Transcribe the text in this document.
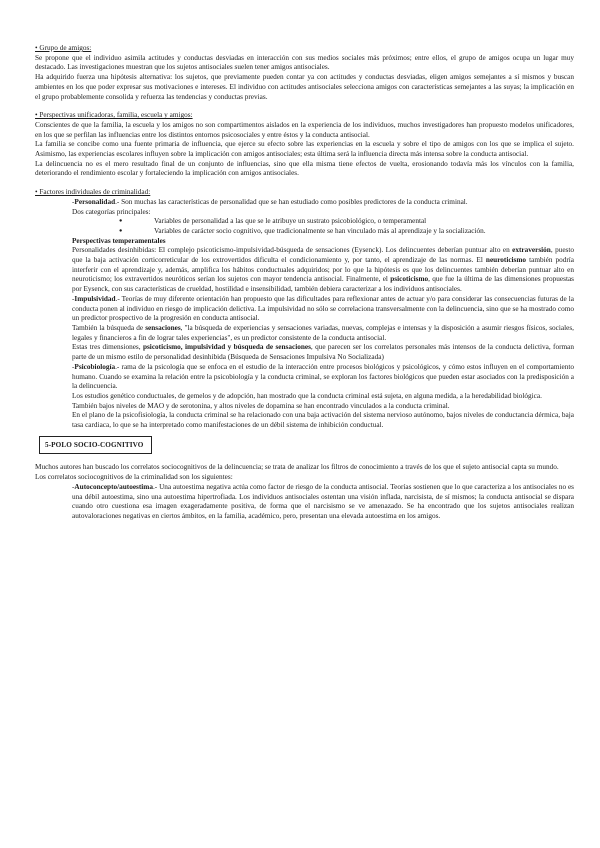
• Grupo de amigos:

Se propone que el individuo asimila actitudes y conductas desviadas en interacción con sus medios sociales más próximos; entre ellos, el grupo de amigos ocupa un lugar muy destacado. Las investigaciones muestran que los sujetos antisociales suelen tener amigos antisociales.

Ha adquirido fuerza una hipótesis alternativa: los sujetos, que previamente pueden contar ya con actitudes y conductas desviadas, eligen amigos semejantes a sí mismos y buscan ambientes en los que poder expresar sus motivaciones e intereses. El individuo con actitudes antisociales selecciona amigos con características semejantes a las suyas; la implicación en el grupo probablemente consolida y refuerza las tendencias y conductas previas.

• Perspectivas unificadoras, familia, escuela y amigos:

Conscientes de que la familia, la escuela y los amigos no son compartimentos aislados en la experiencia de los individuos, muchos investigadores han propuesto modelos unificadores, en los que se perfilan las influencias entre los distintos entornos psicosociales y entre éstos y la conducta antisocial.

La familia se concibe como una fuente primaria de influencia, que ejerce su efecto sobre las experiencias en la escuela y sobre el tipo de amigos con los que se implica el sujeto. Asimismo, las experiencias escolares influyen sobre la implicación con amigos antisociales; esta última será la influencia directa más intensa sobre la conducta antisocial.

La delincuencia no es el mero resultado final de un conjunto de influencias, sino que ella misma tiene efectos de vuelta, erosionando todavía más los vínculos con la familia, deteriorando el rendimiento escolar y fortaleciendo la implicación con amigos antisociales.

• Factores individuales de criminalidad:

-Personalidad.- Son muchas las características de personalidad que se han estudiado como posibles predictores de la conducta criminal.

Dos categorías principales:

● Variables de personalidad a las que se le atribuye un sustrato psicobiológico, o temperamental
● Variables de carácter socio cognitivo, que tradicionalmente se han vinculado más al aprendizaje y la socialización.

Perspectivas temperamentales

Personalidades desinhibidas: El complejo psicoticismo-impulsividad-búsqueda de sensaciones (Eysenck). Los delincuentes deberían puntuar alto en extraversión, puesto que la baja activación corticorreticular de los extrovertidos dificulta el condicionamiento y, por tanto, el aprendizaje de las normas. El neuroticismo también podría interferir con el aprendizaje y, además, amplifica los hábitos conductuales adquiridos; por lo que la hipótesis es que los delincuentes también deberían puntuar alto en neuroticismo; los extravertidos neuróticos serían los sujetos con mayor tendencia antisocial. Finalmente, el psicoticismo, que fue la última de las dimensiones propuestas por Eysenck, con sus características de crueldad, hostilidad e insensibilidad, también debiera caracterizar a los individuos antisociales.

-Impulsividad.- Teorías de muy diferente orientación han propuesto que las dificultades para reflexionar antes de actuar y/o para considerar las consecuencias futuras de la conducta ponen al individuo en riesgo de implicación delictiva. La impulsividad no sólo se correlaciona transversalmente con la delincuencia, sino que se ha mostrado como un predictor prospectivo de la progresión en conducta antisocial.

También la búsqueda de sensaciones, "la búsqueda de experiencias y sensaciones variadas, nuevas, complejas e intensas y la disposición a asumir riesgos físicos, sociales, legales y financieros a fin de lograr tales experiencias", es un predictor consistente de la conducta antisocial.

Estas tres dimensiones, psicoticismo, impulsividad y búsqueda de sensaciones, que parecen ser los correlatos personales más intensos de la conducta delictiva, forman parte de un mismo estilo de personalidad desinhibida (Búsqueda de Sensaciones Impulsiva No Socializada)

-Psicobiología.- rama de la psicología que se enfoca en el estudio de la interacción entre procesos biológicos y psicológicos, y cómo estos influyen en el comportamiento humano. Cuando se examina la relación entre la psicobiología y la conducta criminal, se exploran los factores biológicos que pueden estar asociados con la predisposición a la delincuencia.

Los estudios genético conductuales, de gemelos y de adopción, han mostrado que la conducta criminal está sujeta, en alguna medida, a la heredabilidad biológica.

También bajos niveles de MAO y de serotonina, y altos niveles de dopamina se han encontrado vinculados a la conducta criminal.

En el plano de la psicofisiología, la conducta criminal se ha relacionado con una baja activación del sistema nervioso autónomo, bajos niveles de conductancia dérmica, baja tasa cardiaca, lo que se ha interpretado como manifestaciones de un débil sistema de inhibición conductual.

5-POLO SOCIO-COGNITIVO

Muchos autores han buscado los correlatos sociocognitivos de la delincuencia; se trata de analizar los filtros de conocimiento a través de los que el sujeto antisocial capta su mundo.

Los correlatos sociocognitivos de la criminalidad son los siguientes:

-Autoconcepto/autoestima.- Una autoestima negativa actúa como factor de riesgo de la conducta antisocial. Teorías sostienen que lo que caracteriza a los antisociales no es una débil autoestima, sino una autoestima hipertrofiada. Los individuos antisociales ostentan una visión inflada, narcisista, de sí mismos; la conducta antisocial se dispara cuando otro cuestiona esa imagen exageradamente positiva, de forma que el narcisismo se ve amenazado. Se ha encontrado que los sujetos antisociales realizan autovaloraciones negativas en ciertos ámbitos, en la familia, académico, pero, presentan una elevada autoestima en los amigos.
